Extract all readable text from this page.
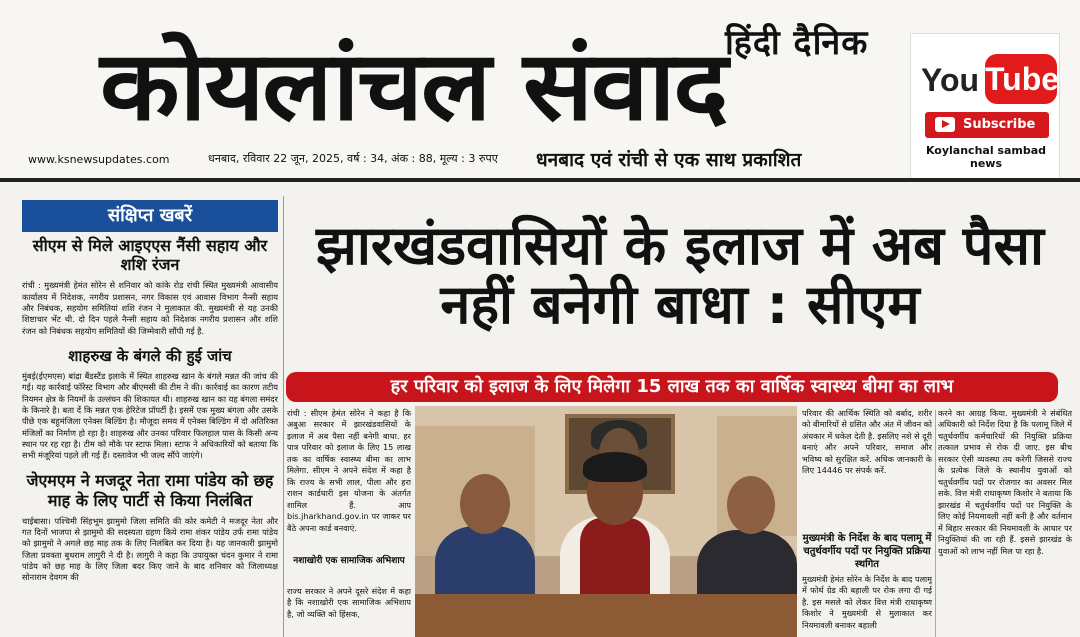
हिंदी दैनिक
कोयलांचल संवाद
www.ksnewsupdates.com	धनबाद, रविवार 22 जून, 2025, वर्ष : 34, अंक : 88, मूल्य : 3 रुपए धनबाद एवं रांची से एक साथ प्रकाशित
You Tube
Subscribe
Koylanchal sambad news
संक्षिप्त खबरें
सीएम से मिले आइएएस नैंसी सहाय और शशि रंजन
रांची : मुख्यमंत्री हेमंत सोरेन से शनिवार को कांके रोड रांची स्थित मुख्यमंत्री आवासीय कार्यालय में निदेशक, नगरीय प्रशासन, नगर विकास एवं आवास विभाग नैन्सी सहाय और निबंधक, सहयोग समितियां शशि रंजन ने मुलाकात की. मुख्यमंत्री से यह उनकी शिष्टाचार भेंट थी. दो दिन पहले नैन्सी सहाय को निदेशक नगरीय प्रशासन और शशि रंजन को निबंधक सहयोग समितियों की जिम्मेवारी सौंपी गई है.
शाहरुख के बंगले की हुई जांच
मुंबई(ईएमएस) बांद्रा बैंडस्टैंड इलाके में स्थित शाहरुख खान के बंगले मन्नत की जांच की गई। यह कार्रवाई फॉरेस्ट विभाग और बीएमसी की टीम ने की। कार्रवाई का कारण तटीय नियमन क्षेत्र के नियमों के उल्लंघन की शिकायत थी। शाहरुख खान का यह बंगला समंदर के किनारे है। बता दें कि मन्नत एक हेरिटेज प्रॉपर्टी है। इसमें एक मुख्य बंगला और उसके पीछे एक बहुमंजिला एनेक्स बिल्डिंग है। मौजूदा समय में एनेक्स बिल्डिंग में दो अतिरिक्त मंजिलों का निर्माण हो रहा है। शाहरुख और उनका परिवार फिलहाल पास के किसी अन्य स्थान पर रह रहा है। टीम को मौके पर स्टाफ मिला। स्टाफ ने अधिकारियों को बताया कि सभी मंजूरियां पहले ली गई हैं। दस्तावेज भी जल्द सौंपे जाएंगे।
जेएमएम ने मजदूर नेता रामा पांडेय को छह माह के लिए पार्टी से किया निलंबित
चाईबासा। पश्चिमी सिंहभूम झामुमो जिला समिति की कोर कमेटी ने मजदूर नेता और गत दिनों भाजपा से झामुमो की सदस्यता ग्रहण किये रामा शंकर पांडेय उर्फ रामा पांडेय को झामुमो ने अगले छह माह तक के लिए निलंबित कर दिया है। यह जानकारी झामुमो जिला प्रवक्ता बुधराम लागुरी ने दी है। लागुरी ने कहा कि उपायुक्त चंदन कुमार ने रामा पांडेय को छह माह के लिए जिला बदर किए जाने के बाद शनिवार को जिलाध्यक्ष सोनाराम देवगम की
झारखंडवासियों के इलाज में अब पैसा नहीं बनेगी बाधा : सीएम
हर परिवार को इलाज के लिए मिलेगा 15 लाख तक का वार्षिक स्वास्थ्य बीमा का लाभ
रांची : सीएम हेमंत सोरेन ने कहा है कि अबुआ सरकार में झारखंडवासियों के इलाज में अब पैसा नहीं बनेगी बाधा. हर पात्र परिवार को इलाज के लिए 15 लाख तक का वार्षिक स्वास्थ्य बीमा का लाभ मिलेगा. सीएम ने अपने संदेश में कहा है कि राज्य के सभी लाल, पीला और हरा राशन कार्डधारी इस योजना के अंतर्गत शामिल हैं. आप bis.jharkhand.gov.in पर जाकर घर बैठे अपना कार्ड बनवाएं.
नशाखोरी एक सामाजिक अभिशाप
राज्य सरकार ने अपने दूसरे संदेश में कहा है कि नशाखोरी एक सामाजिक अभिशाप है, जो व्यक्ति को हिंसक,
परिवार की आर्थिक स्थिति को बर्बाद, शरीर को बीमारियों से ग्रसित और अंत में जीवन को अंधकार में धकेल देती है. इसलिए नशे से दूरी बनाएं और अपने परिवार, समाज और भविष्य को सुरक्षित करें. अधिक जानकारी के लिए 14446 पर संपर्क करें.
मुख्यमंत्री के निर्देश के बाद पलामू में चतुर्थवर्गीय पदों पर नियुक्ति प्रक्रिया स्थगित
मुख्यमंत्री हेमंत सोरेन के निर्देश के बाद पलामू में फोर्थ ग्रेड की बहाली पर रोक लगा दी गई है. इस मसले को लेकर वित्त मंत्री राधाकृष्ण किशोर ने मुख्यमंत्री से मुलाकात कर नियमावली बनाकर बहाली
करने का आग्रह किया. मुख्यमंत्री ने संबंधित अधिकारी को निर्देश दिया है कि पलामू जिले में चतुर्थवर्गीय कर्मचारियों की नियुक्ति प्रक्रिया तत्काल प्रभाव से रोक दी जाए. इस बीच सरकार ऐसी व्यवस्था तय करेगी जिससे राज्य के प्रत्येक जिले के स्थानीय युवाओं को चतुर्थवर्गीय पदों पर रोजगार का अवसर मिल सके. वित्त मंत्री राधाकृष्ण किशोर ने बताया कि झारखंड में चतुर्थवर्गीय पदों पर नियुक्ति के लिए कोई नियमावली नहीं बनी है और वर्तमान में बिहार सरकार की नियमावली के आधार पर नियुक्तियां की जा रही हैं. इससे झारखंड के युवाओं को लाभ नहीं मिल पा रहा है.
